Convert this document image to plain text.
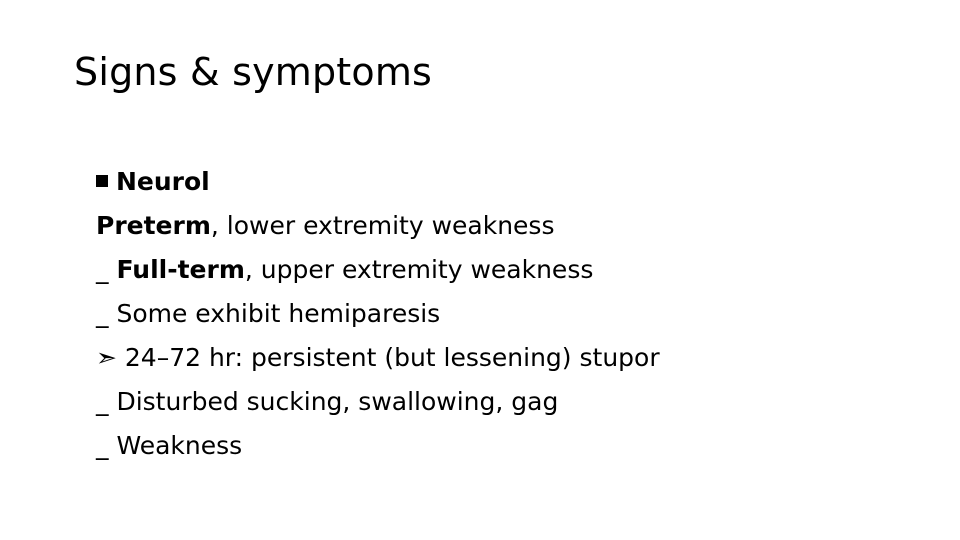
Signs & symptoms
Neurol
Preterm, lower extremity weakness
_ Full-term, upper extremity weakness
_ Some exhibit hemiparesis
➣ 24–72 hr: persistent (but lessening) stupor
_ Disturbed sucking, swallowing, gag
_ Weakness
